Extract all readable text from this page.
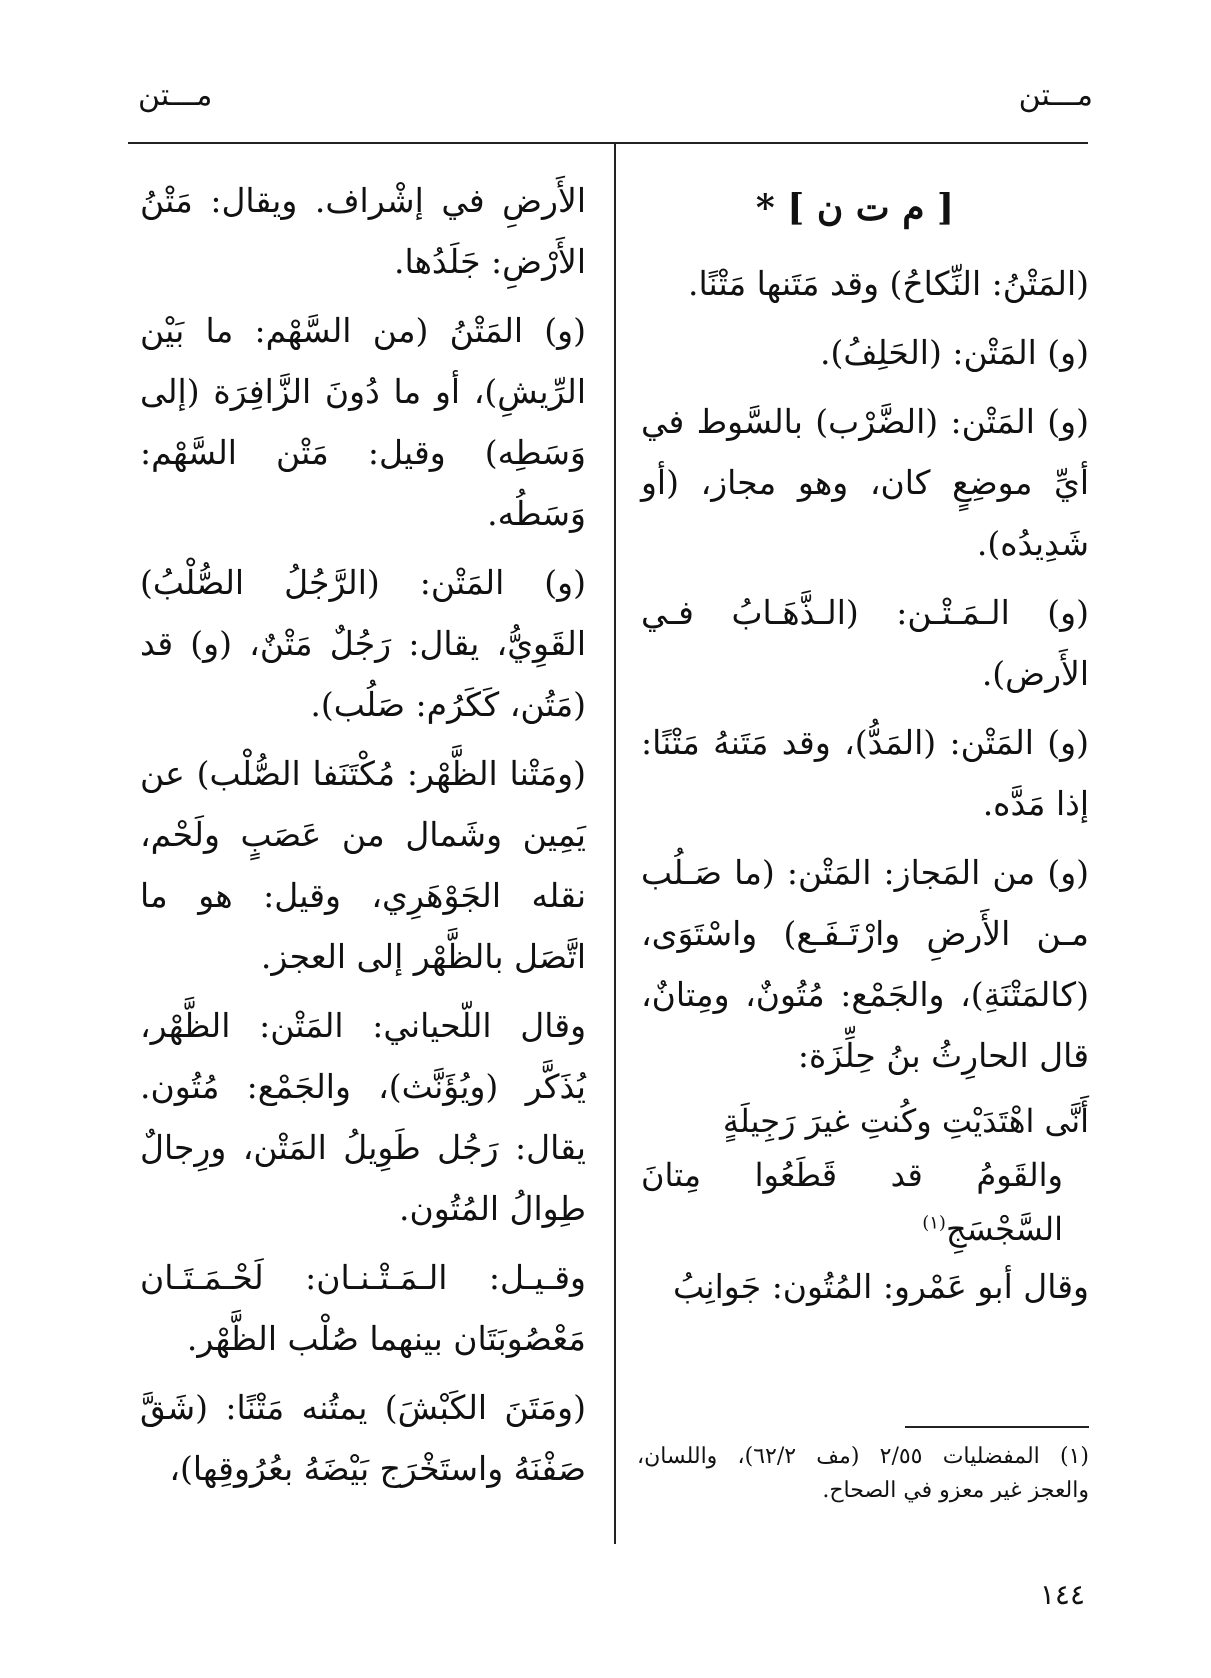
مـــتن
مـــتن
[ م ت ن ] *

(المَتْنُ: النِّكاحُ) وقد مَتَنها مَتْنًا.

(و) المَتْن: (الحَلِفُ).

(و) المَتْن: (الضَّرْب) بالسَّوط في أيِّ موضِعٍ كان، وهو مجاز، (أو شَدِيدُه).

(و) الـمَـتْـن: (الـذَّهَـابُ فـي الأَرض).

(و) المَتْن: (المَدُّ)، وقد مَتَنهُ مَتْنًا: إذا مَدَّه.

(و) من المَجاز: المَتْن: (ما صَـلُب مـن الأَرضِ وارْتَـفَـع) واسْتَوَى، (كالمَتْنَةِ)، والجَمْع: مُتُونٌ، ومِتانٌ، قال الحارِثُ بنُ حِلِّزَة:

أَنَّى اهْتَدَيْتِ وكُنتِ غيرَ رَجِيلَةٍ
والقَومُ قد قَطَعُوا مِتانَ السَّجْسَجِ$^{(١)}$

وقال أبو عَمْرو: المُتُون: جَوانِبُ

الأَرضِ في إشْراف. ويقال: مَتْنُ الأَرْضِ: جَلَدُها.

(و) المَتْنُ (من السَّهْم: ما بَيْن الرِّيشِ)، أو ما دُونَ الزَّافِرَة (إلى وَسَطِه) وقيل: مَتْن السَّهْم: وَسَطُه.

(و) المَتْن: (الرَّجُلُ الصُّلْبُ) القَوِيُّ، يقال: رَجُلٌ مَتْنٌ، (و) قد (مَتُن، كَكَرُم: صَلُب).

(ومَتْنا الظَّهْر: مُكْتَنَفا الصُّلْب) عن يَمِين وشَمال من عَصَبٍ ولَحْم، نقله الجَوْهَرِي، وقيل: هو ما اتَّصَل بالظَّهْر إلى العجز.

وقال اللّحياني: المَتْن: الظَّهْر، يُذَكَّر (ويُؤَنَّث)، والجَمْع: مُتُون. يقال: رَجُل طَوِيلُ المَتْن، ورِجالٌ طِوالُ المُتُون.

وقـيـل: الـمَـتْـنـان: لَحْـمَـتَـان مَعْصُوبَتَان بينهما صُلْب الظَّهْر.

(ومَتَنَ الكَبْشَ) يمتُنه مَتْنًا: (شَقَّ صَفْنَهُ واستَخْرَج بَيْضَهُ بعُرُوقِها)، (١) المفضليات ٢/٥٥ (مف ٦٢/٢)، واللسان، والعجز غير معزو في الصحاح.
١٤٤
